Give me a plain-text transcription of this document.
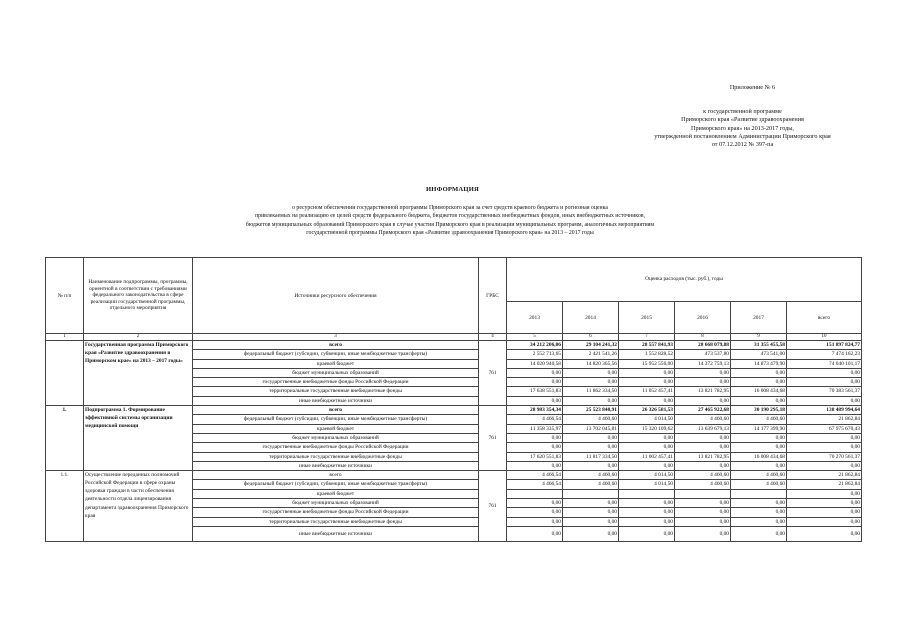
Приложение № 6
к государственной программе
Приморского края «Развитие здравоохранения
Приморского края» на 2013-2017 годы,
утвержденной постановлением Администрации Приморского края
от 07.12.2012 № 397-па
ИНФОРМАЦИЯ
о ресурсном обеспечении государственной программы Приморского края за счет средств краевого бюджета и рогнозная оценка
привлекаемых на реализацию ее целей средств федерального бюджета, бюджетов государственных внебюджетных фондов, иных внебюджетных источников,
бюджетов муниципальных образований Приморского края в случае участия Приморского края в реализации муниципальных программ, аналогичных мероприятиям
государственной программы Приморского края «Развитие здравоохранения Приморского края» на 2013 – 2017 годы
№ п/п	Наименование подпрограммы, программы, ориентной в соответствии с требованиями федерального законодательства в сфере реализации государственной программы, отдельного мероприятия	Источники ресурсного обеспечения	ГРБС	Оценка расходов (тыс. руб.), годы					
				2013	2014	2015	2016	2017	всего
1	2	3	4	5	6	7	8	9	10
	Государственная программа Приморского края «Развитие здравоохранения в Приморском крае» на 2013 – 2017 годы»	всего	761	34 212 206,06	29 104 241,32	28 557 841,93	28 668 079,88	31 355 455,58	151 897 824,77
		федеральный бюджет (субсидии, субвенции, иные межбюджетные трансферты)		2 552 713,65	2 421 541,26	1 552 828,52	473 537,80	473 541,00	7 474 162,23
		краевой бюджет		14 020 940,58	14 820 365,56	15 952 556,00	14 372 759,13	14 873 479,90	74 040 101,17
		бюджет муниципальных образований		0,00	0,00	0,00	0,00	0,00	0,00
		государственные внебюджетные фонды Российской Федерации		0,00	0,00	0,00	0,00	0,00	0,00
		территориальные государственные внебюджетные фонды		17 638 551,83	11 862 334,50	11 052 457,41	13 821 782,95	16 008 434,68	70 383 561,37
		иные внебюджетные источники		0,00	0,00	0,00	0,00	0,00	0,00
1.	Подпрограмма 1. Формирование эффективной системы организации медицинской помощи	всего	761	28 983 354,34	25 523 840,91	26 326 581,53	27 465 922,68	30 190 295,18	138 489 994,64
		федеральный бюджет (субсидии, субвенции, иные межбюджетные трансферты)		4 466,54	4 460,60	4 014,50	4 460,60	4 460,60	21 862,84
		краевой бюджет		11 358 335,97	13 702 045,81	15 320 109,62	13 639 679,13	14 177 399,90	67 975 670,43
		бюджет муниципальных образований		0,00	0,00	0,00	0,00	0,00	0,00
		государственные внебюджетные фонды Российской Федерации		0,00	0,00	0,00	0,00	0,00	0,00
		территориальные государственные внебюджетные фонды		17 620 551,83	11 817 334,50	11 002 457,41	13 821 782,95	16 008 434,68	70 270 561,37
		иные внебюджетные источники		0,00	0,00	0,00	0,00	0,00	0,00
1.1.	Осуществление переданных полномочий Российской Федерации в сфере охраны здоровья граждан в части обеспечения деятельности отдела лицензирования департамента здравоохранения Приморского края	всего	761	4 466,54	4 460,60	4 014,50	4 460,60	4 460,60	21 862,84
		федеральный бюджет (субсидии, субвенции, иные межбюджетные трансферты)		4 466,54	4 460,60	4 014,50	4 460,60	4 460,60	21 862,84
		краевой бюджет							0,00
		бюджет муниципальных образований		0,00	0,00	0,00	0,00	0,00	0,00
		государственные внебюджетные фонды Российской Федерации		0,00	0,00	0,00	0,00	0,00	0,00
		территориальные государственные внебюджетные фонды		0,00	0,00	0,00	0,00	0,00	0,00
		иные внебюджетные источники		0,00	0,00	0,00	0,00	0,00	0,00
